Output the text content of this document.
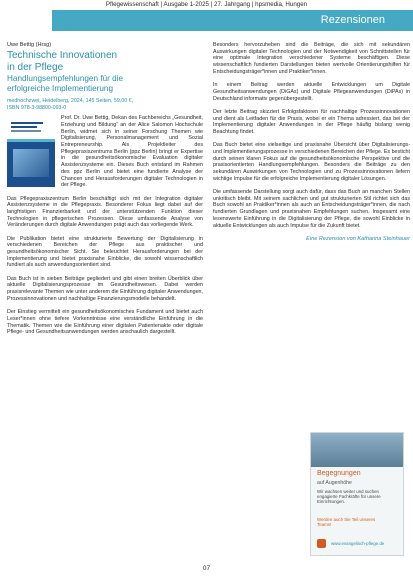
Pflegewissenschaft | Ausgabe 1-2025 | 27. Jahrgang | hpsmedia, Hungen
Rezensionen
Uwe Bettig (Hrsg)
Technische Innovationen
in der Pflege
Handlungsempfehlungen für die
erfolgreiche Implementierung
medhochzwei, Heidelberg, 2024, 145 Seiten, 59,00 €,
ISBN 978-3-98800-093-0

Prof. Dr. Uwe Bettig, Dekan des Fachbereichs „Gesundheit, Erziehung und Bildung“ an der Alice Salomon Hochschule Berlin, widmet sich in seiner Forschung Themen wie Digitalisierung, Personalmanagement und Sozial Entrepreneurship. Als Projektleiter des Pflegepraxiszentrums Berlin (ppz Berlin) bringt er Expertise in die gesundheitsökonomische Evaluation digitaler Assistenzsysteme ein. Dieses Buch entstand im Rahmen des ppz Berlin und bietet eine fundierte Analyse der Chancen und Herausforderungen digitaler Technologien in der Pflege.

Das Pflegepraxiszentrum Berlin beschäftigt sich mit der Integration digitaler Assistenzsysteme in die Pflegepraxis. Besonderer Fokus liegt dabei auf der langfristigen Finanzierbarkeit und der unterstützenden Funktion dieser Technologien in pflegerischen Prozessen. Diese umfassende Analyse von Veränderungen durch digitale Anwendungen prägt auch das vorliegende Werk.

Die Publikation bietet eine strukturierte Bewertung der Digitalisierung in verschiedenen Bereichen der Pflege aus praktischer und gesundheitsökonomischer Sicht. Sie beleuchtet Herausforderungen bei der Implementierung und bietet praxisnahe Einblicke, die sowohl wissenschaftlich fundiert als auch anwendungsorientiert sind.

Das Buch ist in sieben Beiträge gegliedert und gibt einen breiten Überblick über aktuelle Digitalisierungsprozesse im Gesundheitswesen. Dabei werden praxisrelevante Themen wie unter anderem die Einführung digitaler Anwendungen, Prozessinnovationen und nachhaltige Finanzierungsmodelle behandelt.

Der Einstieg vermittelt ein gesundheitsökonomisches Fundament und bietet auch Leser*innen ohne tiefere Vorkenntnisse eine verständliche Einführung in die Thematik. Themen wie die Einführung einer digitalen Patientenakte oder digitale Pflege- und Gesundheitsanwendungen werden anschaulich dargestellt.

Besonders hervorzuheben sind die Beiträge, die sich mit sekundären Auswirkungen digitaler Technologien und der Notwendigkeit von Schnittstellen für eine optimale Integration verschiedener Systeme beschäftigen. Diese wissenschaftlich fundierten Darstellungen bieten wertvolle Orientierungshilfen für Entscheidungsträger*innen und Praktiker*innen.

In einem Beitrag werden aktuelle Entwicklungen um Digitale Gesundheitsanwendungen (DiGAs) und Digitale Pflegeanwendungen (DiPAs) in Deutschland informativ gegenübergestellt.

Der letzte Beitrag skizziert Erfolgsfaktoren für nachhaltige Prozessinnovationen und dient als Leitfaden für die Praxis, wobei er ein Thema adressiert, das bei der Implementierung digitaler Anwendungen in der Pflege häufig bislang wenig Beachtung findet.

Das Buch bietet eine vielseitige und praxisnahe Übersicht über Digitalisierungs- und Implementierungsprozesse in verschiedenen Bereichen der Pflege. Es besticht durch seinen klaren Fokus auf die gesundheitsökonomische Perspektive und die praxisorientierten Handlungsempfehlungen. Besonders die Beiträge zu den sekundären Auswirkungen von Technologien und zu Prozessinnovationen liefern wichtige Impulse für die erfolgreiche Implementierung digitaler Lösungen.

Die umfassende Darstellung sorgt auch dafür, dass das Buch an manchen Stellen unkritisch bleibt. Mit seinem sachlichen und gut strukturierten Stil richtet sich das Buch sowohl an Praktiker*innen als auch an Entscheidungsträger*innen, die nach fundierten Grundlagen und praxisnahen Empfehlungen suchen. Insgesamt eine lesenswerte Einführung in die Digitalisierung der Pflege, die sowohl Einblicke in aktuelle Entwicklungen als auch Impulse für die Zukunft bietet.

Eine Rezension von Katharina Steinhauer

Begegnungen
auf Augenhöhe
Wir wachsen weiter und suchen engagierte Fachkräfte für unsere Einrichtungen.
Werden auch Sie Teil unseres Teams!
www.evangelisch-pflege.de
07
